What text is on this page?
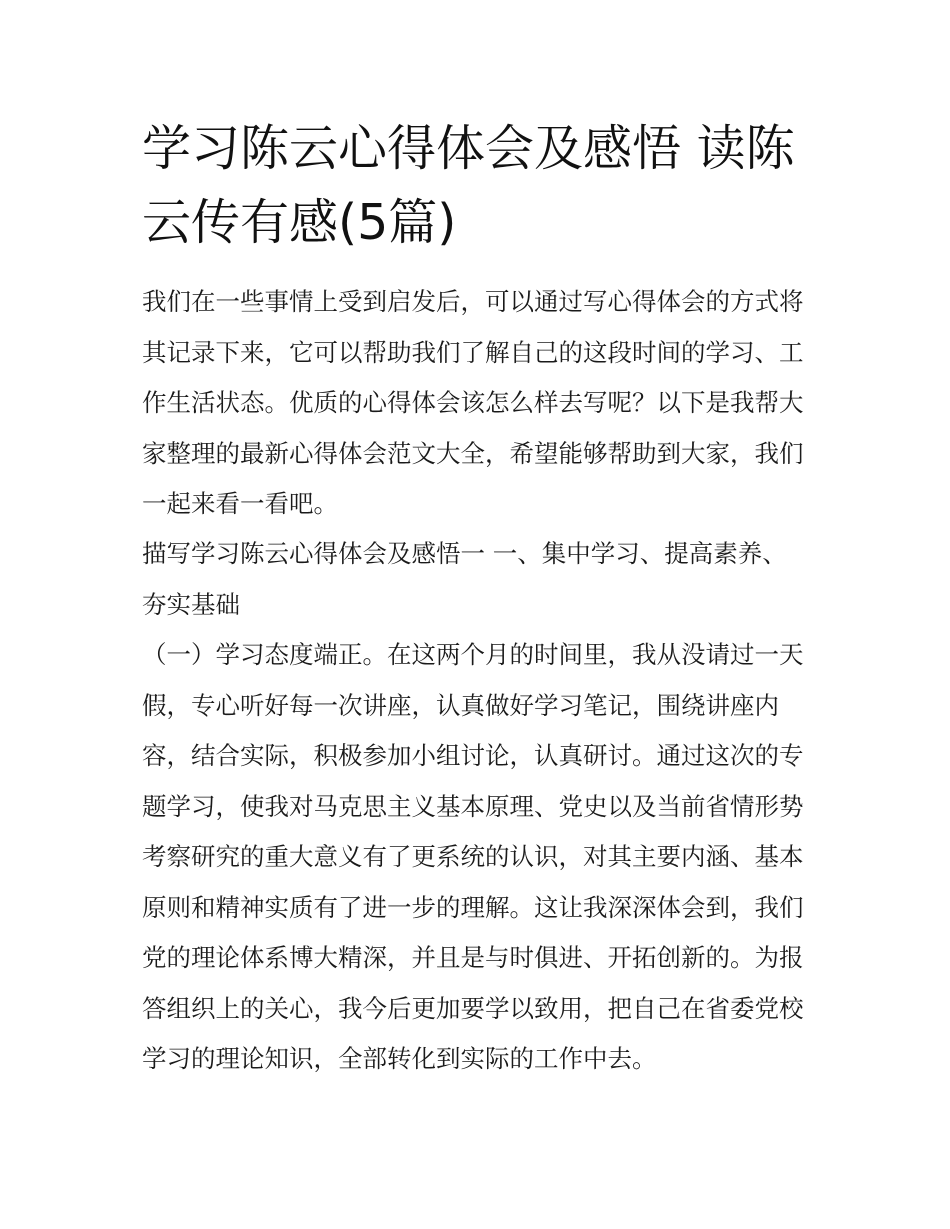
学习陈云心得体会及感悟 读陈
云传有感(5篇)
我们在一些事情上受到启发后，可以通过写心得体会的方式将
其记录下来，它可以帮助我们了解自己的这段时间的学习、工
作生活状态。优质的心得体会该怎么样去写呢？以下是我帮大
家整理的最新心得体会范文大全，希望能够帮助到大家，我们
一起来看一看吧。
描写学习陈云心得体会及感悟一 一、集中学习、提高素养、
夯实基础
（一）学习态度端正。在这两个月的时间里，我从没请过一天
假，专心听好每一次讲座，认真做好学习笔记，围绕讲座内
容，结合实际，积极参加小组讨论，认真研讨。通过这次的专
题学习，使我对马克思主义基本原理、党史以及当前省情形势
考察研究的重大意义有了更系统的认识，对其主要内涵、基本
原则和精神实质有了进一步的理解。这让我深深体会到，我们
党的理论体系博大精深，并且是与时俱进、开拓创新的。为报
答组织上的关心，我今后更加要学以致用，把自己在省委党校
学习的理论知识，全部转化到实际的工作中去。
